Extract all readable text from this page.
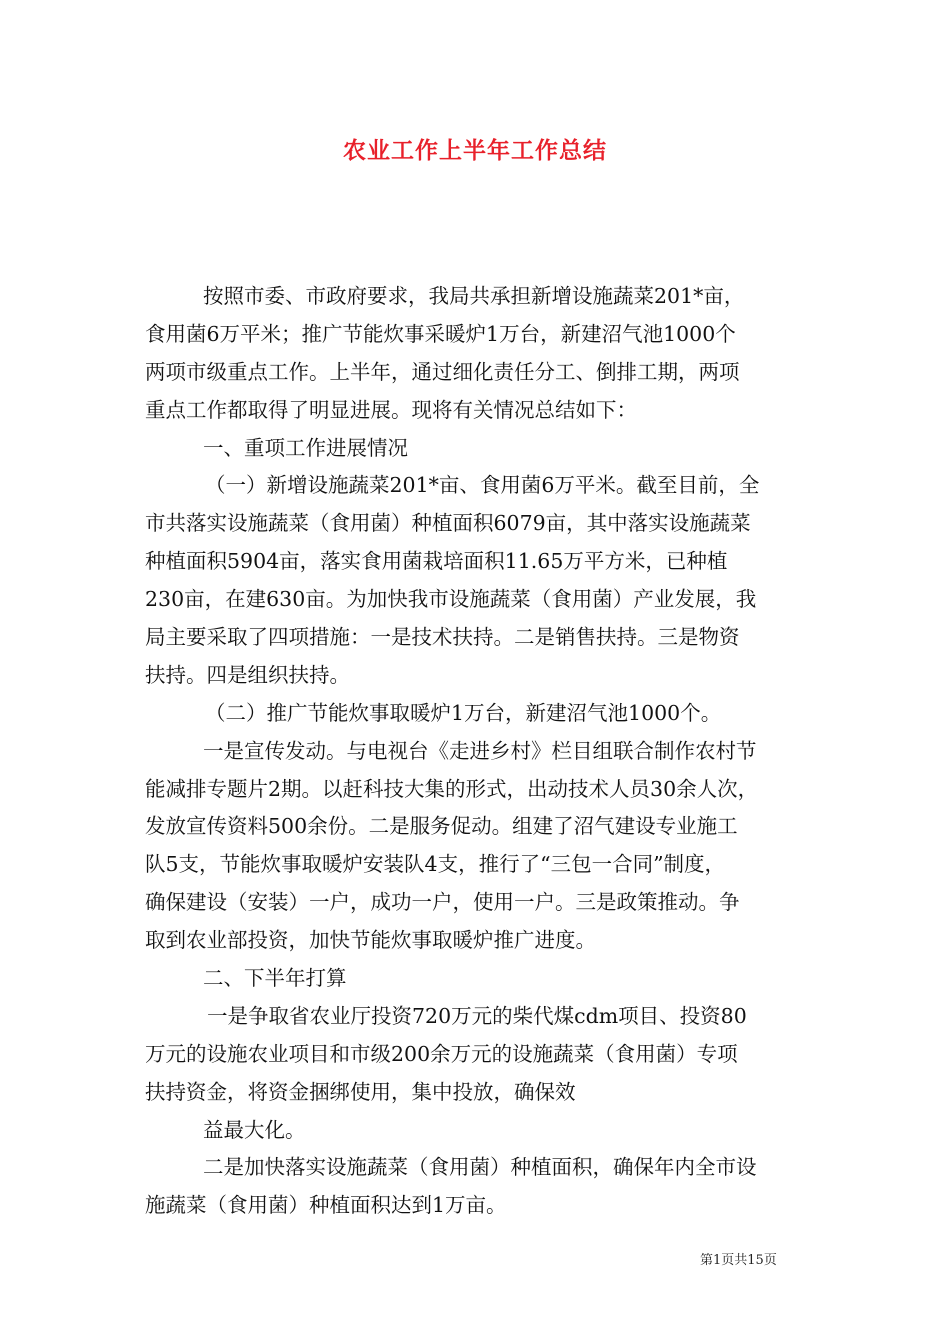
农业工作上半年工作总结

按照市委、市政府要求，我局共承担新增设施蔬菜201*亩，

食用菌6万平米；推广节能炊事采暖炉1万台，新建沼气池1000个

两项市级重点工作。上半年，通过细化责任分工、倒排工期，两项

重点工作都取得了明显进展。现将有关情况总结如下：

一、重项工作进展情况

（一）新增设施蔬菜201*亩、食用菌6万平米。截至目前，全

市共落实设施蔬菜（食用菌）种植面积6079亩，其中落实设施蔬菜

种植面积5904亩，落实食用菌栽培面积11.65万平方米，已种植

230亩，在建630亩。为加快我市设施蔬菜（食用菌）产业发展，我

局主要采取了四项措施：一是技术扶持。二是销售扶持。三是物资

扶持。四是组织扶持。

（二）推广节能炊事取暖炉1万台，新建沼气池1000个。

一是宣传发动。与电视台《走进乡村》栏目组联合制作农村节

能减排专题片2期。以赶科技大集的形式，出动技术人员30余人次，

发放宣传资料500余份。二是服务促动。组建了沼气建设专业施工

队5支，节能炊事取暖炉安装队4支，推行了“三包一合同”制度，

确保建设（安装）一户，成功一户，使用一户。三是政策推动。争

取到农业部投资，加快节能炊事取暖炉推广进度。

二、下半年打算

一是争取省农业厅投资720万元的柴代煤cdm项目、投资80

万元的设施农业项目和市级200余万元的设施蔬菜（食用菌）专项

扶持资金，将资金捆绑使用，集中投放，确保效

益最大化。

二是加快落实设施蔬菜（食用菌）种植面积，确保年内全市设

施蔬菜（食用菌）种植面积达到1万亩。

第1页共15页
